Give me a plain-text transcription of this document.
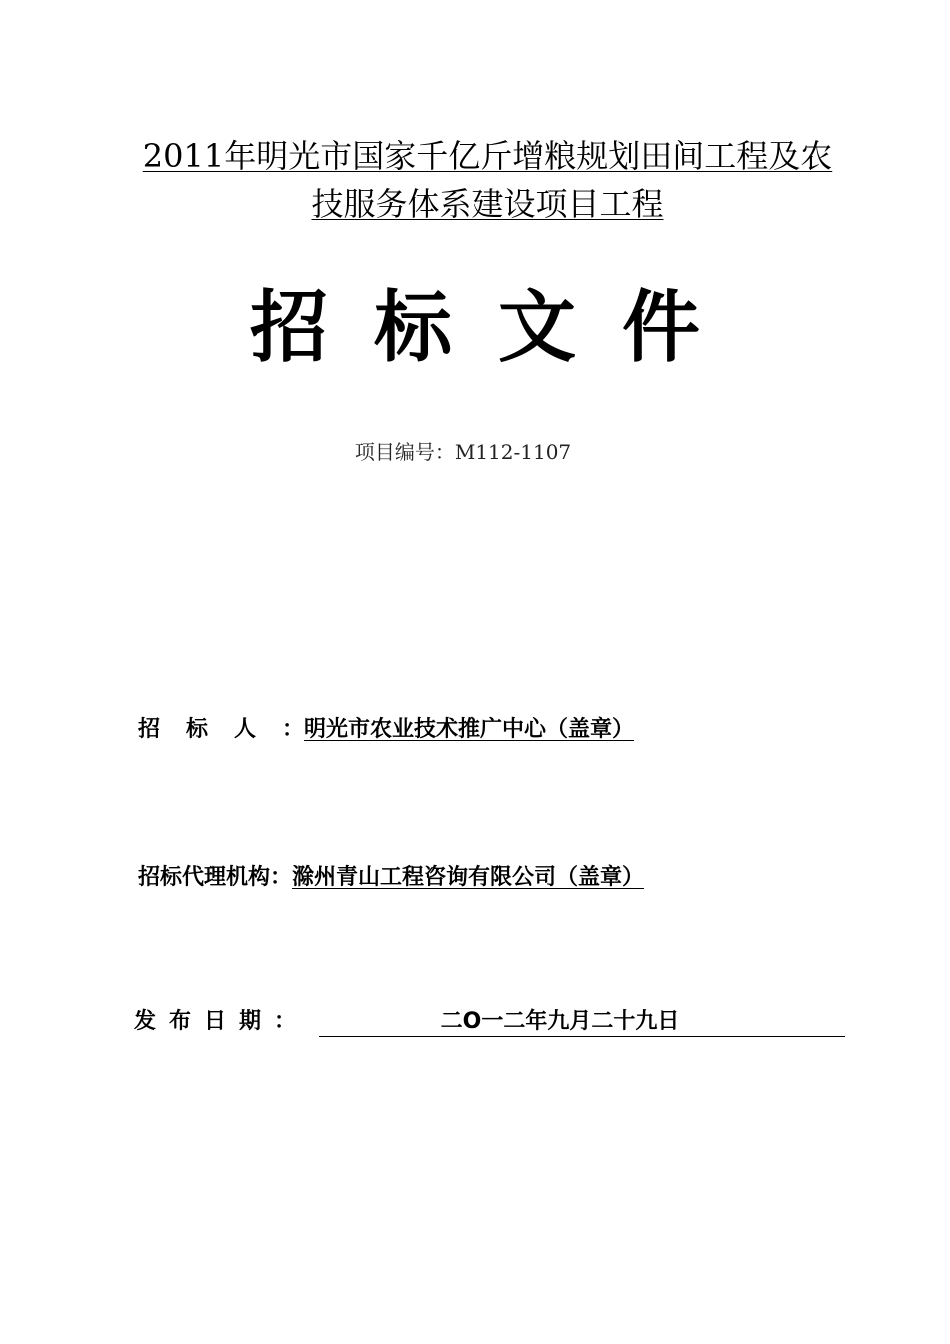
2011年明光市国家千亿斤增粮规划田间工程及农
技服务体系建设项目工程
招标文件
项目编号：M112-1107
招标人：明光市农业技术推广中心（盖章）
招标代理机构：滁州青山工程咨询有限公司（盖章）
发布日期：	二O一二年九月二十九日
